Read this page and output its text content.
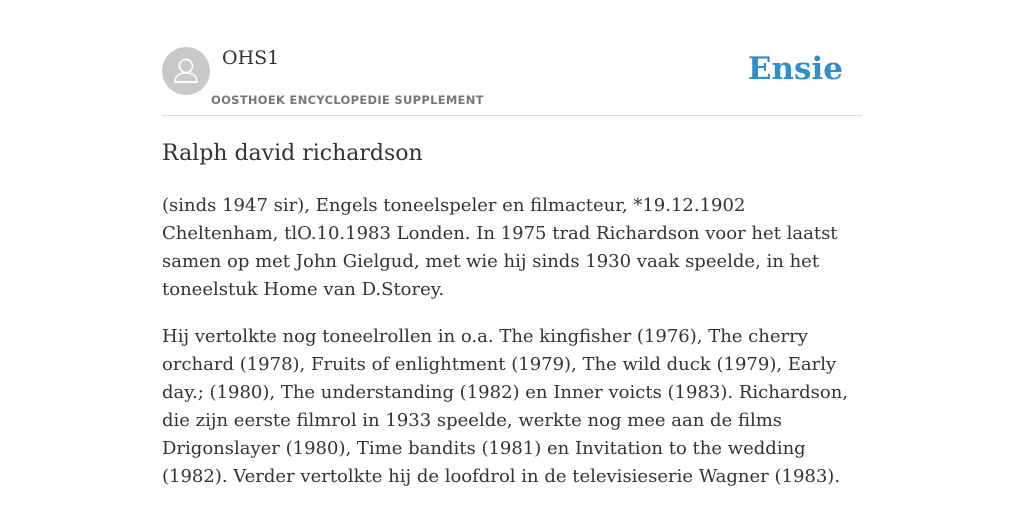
OHS1
OOSTHOEK ENCYCLOPEDIE SUPPLEMENT
Ensie
Ralph david richardson

(sinds 1947 sir), Engels toneelspeler en filmacteur, *19.12.1902 Cheltenham, tlO.10.1983 Londen. In 1975 trad Richardson voor het laatst samen op met John Gielgud, met wie hij sinds 1930 vaak speelde, in het toneelstuk Home van D.Storey.

Hij vertolkte nog toneelrollen in o.a. The kingfisher (1976), The cherry orchard (1978), Fruits of enlightment (1979), The wild duck (1979), Early day.; (1980), The understanding (1982) en Inner voicts (1983). Richardson, die zijn eerste filmrol in 1933 speelde, werkte nog mee aan de films Drigonslayer (1980), Time bandits (1981) en Invitation to the wedding (1982). Verder vertolkte hij de loofdrol in de televisieserie Wagner (1983).
